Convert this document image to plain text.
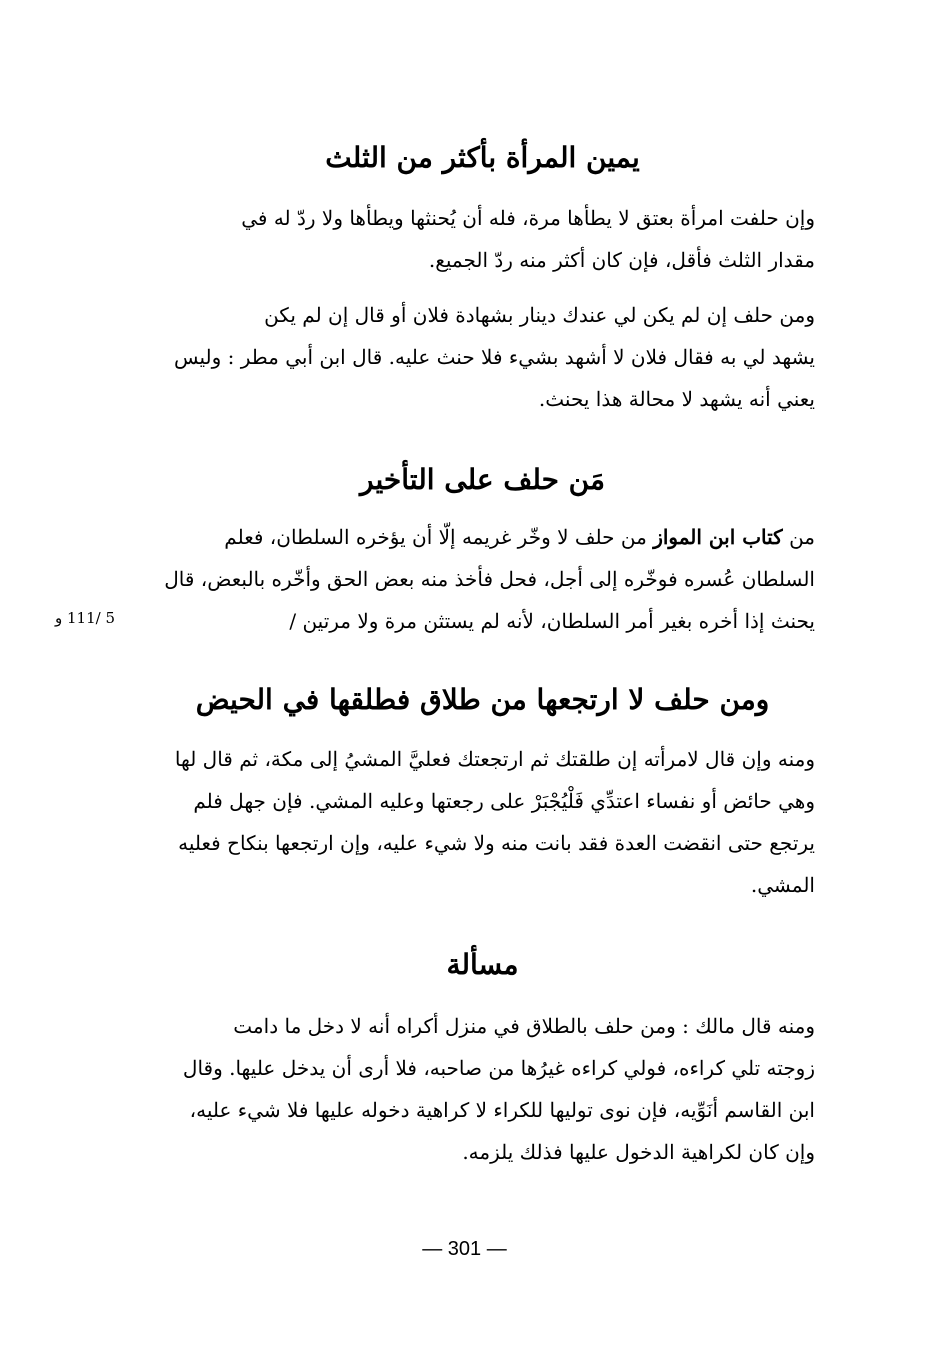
يمين المرأة بأكثر من الثلث

وإن حلفت امرأة بعتق لا يطأها مرة، فله أن يُحنثها ويطأها ولا ردّ له في
مقدار الثلث فأقل، فإن كان أكثر منه ردّ الجميع.

ومن حلف إن لم يكن لي عندك دينار بشهادة فلان أو قال إن لم يكن
يشهد لي به فقال فلان لا أشهد بشيء فلا حنث عليه. قال ابن أبي مطر : وليس
يعني أنه يشهد لا محالة هذا يحنث.

مَن حلف على التأخير

من كتاب ابن المواز من حلف لا وخّر غريمه إلّا أن يؤخره السلطان، فعلم
السلطان عُسره فوخّره إلى أجل، فحل فأخذ منه بعض الحق وأخّره بالبعض، قال
يحنث إذا أخره بغير أمر السلطان، لأنه لم يستثن مرة ولا مرتين /

5 /111 و
ومن حلف لا ارتجعها من طلاق فطلقها في الحيض

ومنه وإن قال لامرأته إن طلقتك ثم ارتجعتك فعليَّ المشيُ إلى مكة، ثم قال لها
وهي حائض أو نفساء اعتدِّي فَلْيُجْبَرْ على رجعتها وعليه المشي. فإن جهل فلم
يرتجع حتى انقضت العدة فقد بانت منه ولا شيء عليه، وإن ارتجعها بنكاح فعليه
المشي.

مسألة

ومنه قال مالك : ومن حلف بالطلاق في منزل أكراه أنه لا دخل ما دامت
زوجته تلي كراءه، فولي كراءه غيرُها من صاحبه، فلا أرى أن يدخل عليها. وقال
ابن القاسم أنَوِّيه، فإن نوى توليها للكراء لا كراهية دخوله عليها فلا شيء عليه،
وإن كان لكراهية الدخول عليها فذلك يلزمه.

— 301 —
